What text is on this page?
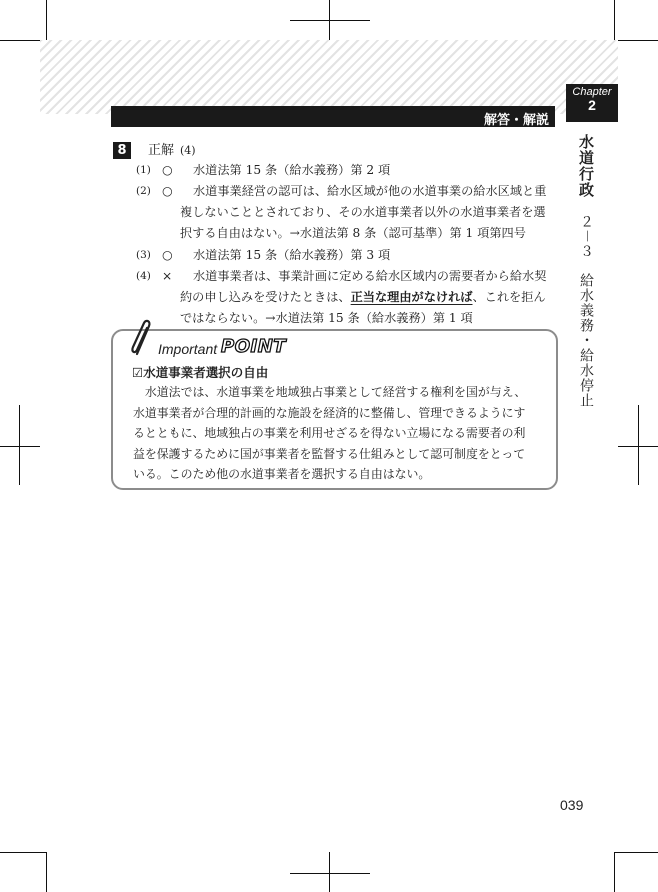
Chapter
2
解答・解説
水道行政２－３給水義務・給水停止
8	正解 (4)
(1) ○	水道法第 15 条（給水義務）第 2 項
(2) ○	水道事業経営の認可は、給水区域が他の水道事業の給水区域と重複しないこととされており、その水道事業者以外の水道事業者を選択する自由はない。→水道法第 8 条（認可基準）第 1 項第四号
(3) ○	水道法第 15 条（給水義務）第 3 項
(4) ×	水道事業者は、事業計画に定める給水区域内の需要者から給水契約の申し込みを受けたときは、正当な理由がなければ、これを拒んではならない。→水道法第 15 条（給水義務）第 1 項
Important POINT
☑水道事業者選択の自由
水道法では、水道事業を地域独占事業として経営する権利を国が与え、水道事業者が合理的計画的な施設を経済的に整備し、管理できるようにするとともに、地域独占の事業を利用せざるを得ない立場になる需要者の利益を保護するために国が事業者を監督する仕組みとして認可制度をとっている。このため他の水道事業者を選択する自由はない。
039
